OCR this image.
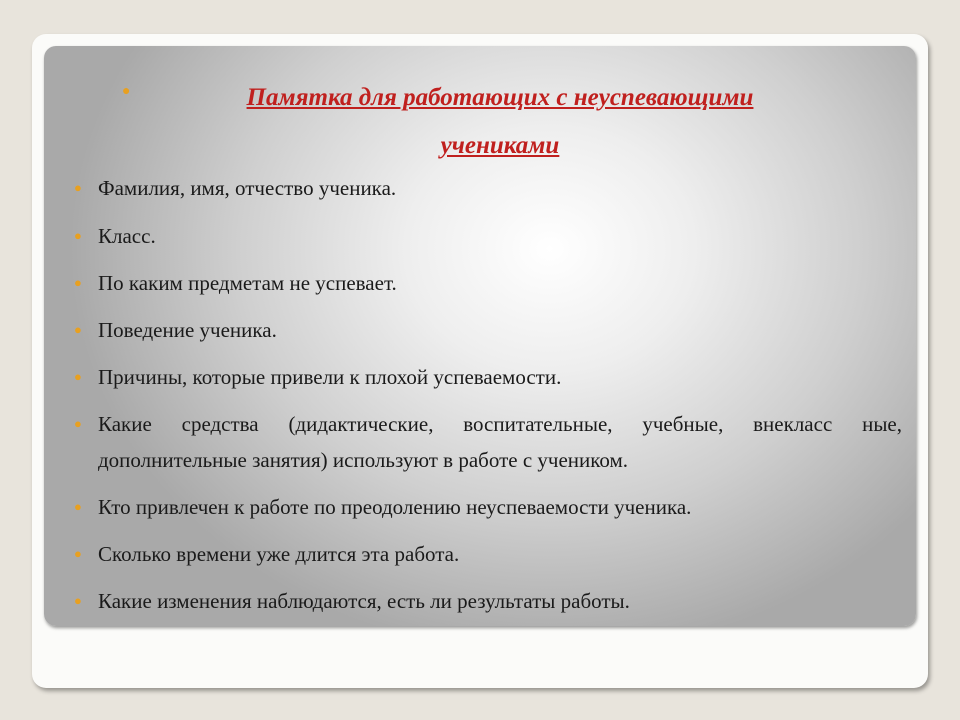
●	Памятка для работающих с неуспевающими
учениками
● Фамилия, имя, отчество ученика.
● Класс.
● По каким предметам не успевает.
● Поведение ученика.
● Причины, которые привели к плохой успеваемости.
● Какие средства (дидактические, воспитательные, учебные, внекласс ные, дополнительные занятия) используют в работе с учеником.
● Кто привлечен к работе по преодолению неуспеваемости ученика.
● Сколько времени уже длится эта работа.
● Какие изменения наблюдаются, есть ли результаты работы.
